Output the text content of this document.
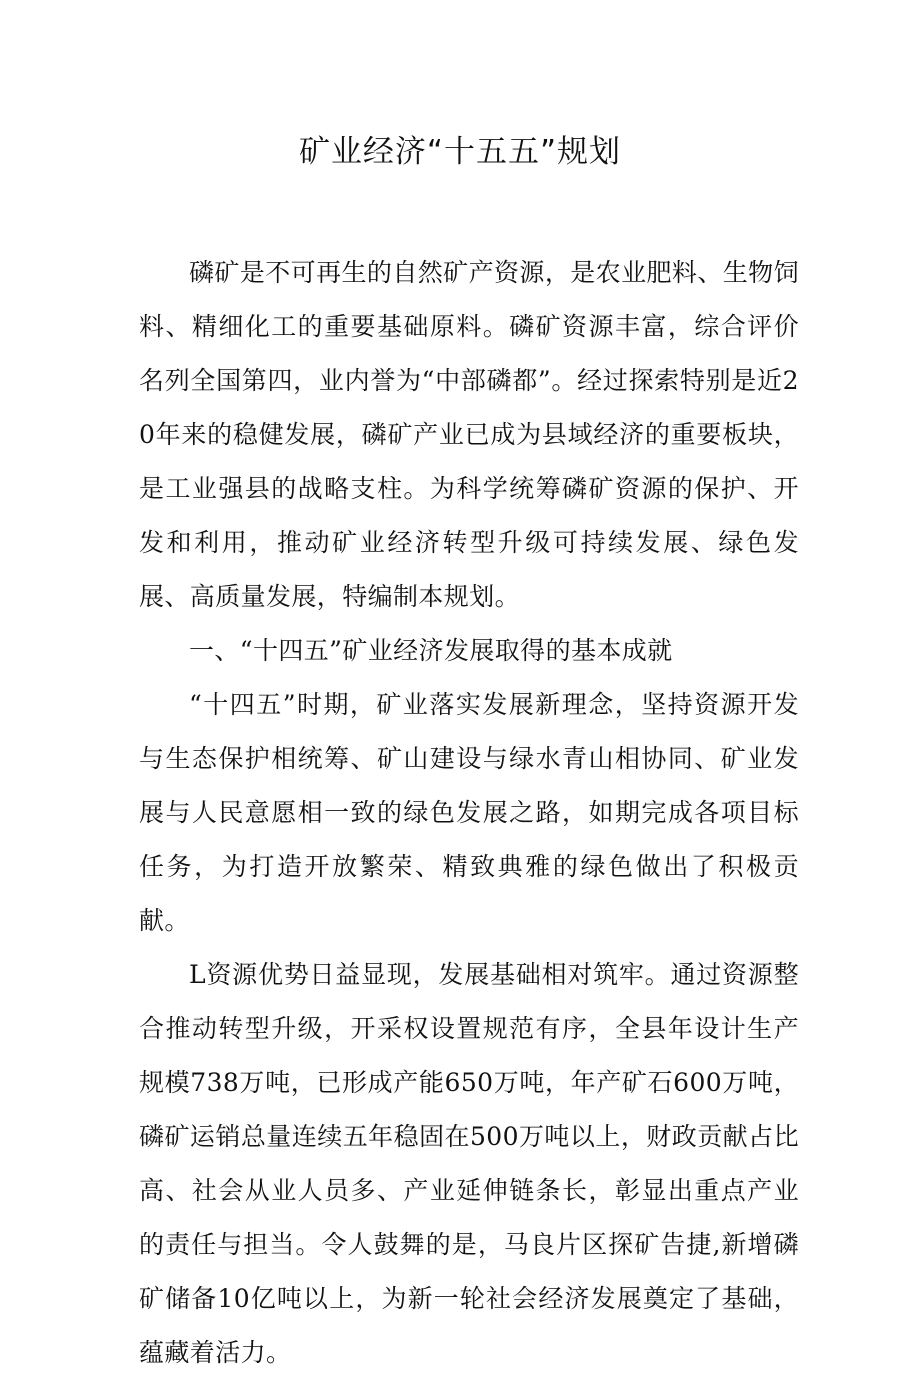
矿业经济“十五五”规划

磷矿是不可再生的自然矿产资源，是农业肥料、生物饲料、精细化工的重要基础原料。磷矿资源丰富，综合评价名列全国第四，业内誉为“中部磷都”。经过探索特别是近20年来的稳健发展，磷矿产业已成为县域经济的重要板块，是工业强县的战略支柱。为科学统筹磷矿资源的保护、开发和利用，推动矿业经济转型升级可持续发展、绿色发展、高质量发展，特编制本规划。

一、“十四五”矿业经济发展取得的基本成就

“十四五”时期，矿业落实发展新理念，坚持资源开发与生态保护相统筹、矿山建设与绿水青山相协同、矿业发展与人民意愿相一致的绿色发展之路，如期完成各项目标任务，为打造开放繁荣、精致典雅的绿色做出了积极贡献。

L资源优势日益显现，发展基础相对筑牢。通过资源整合推动转型升级，开采权设置规范有序，全县年设计生产规模738万吨，已形成产能650万吨，年产矿石600万吨，磷矿运销总量连续五年稳固在500万吨以上，财政贡献占比高、社会从业人员多、产业延伸链条长，彰显出重点产业的责任与担当。令人鼓舞的是，马良片区探矿告捷,新增磷矿储备10亿吨以上，为新一轮社会经济发展奠定了基础，蕴藏着活力。
